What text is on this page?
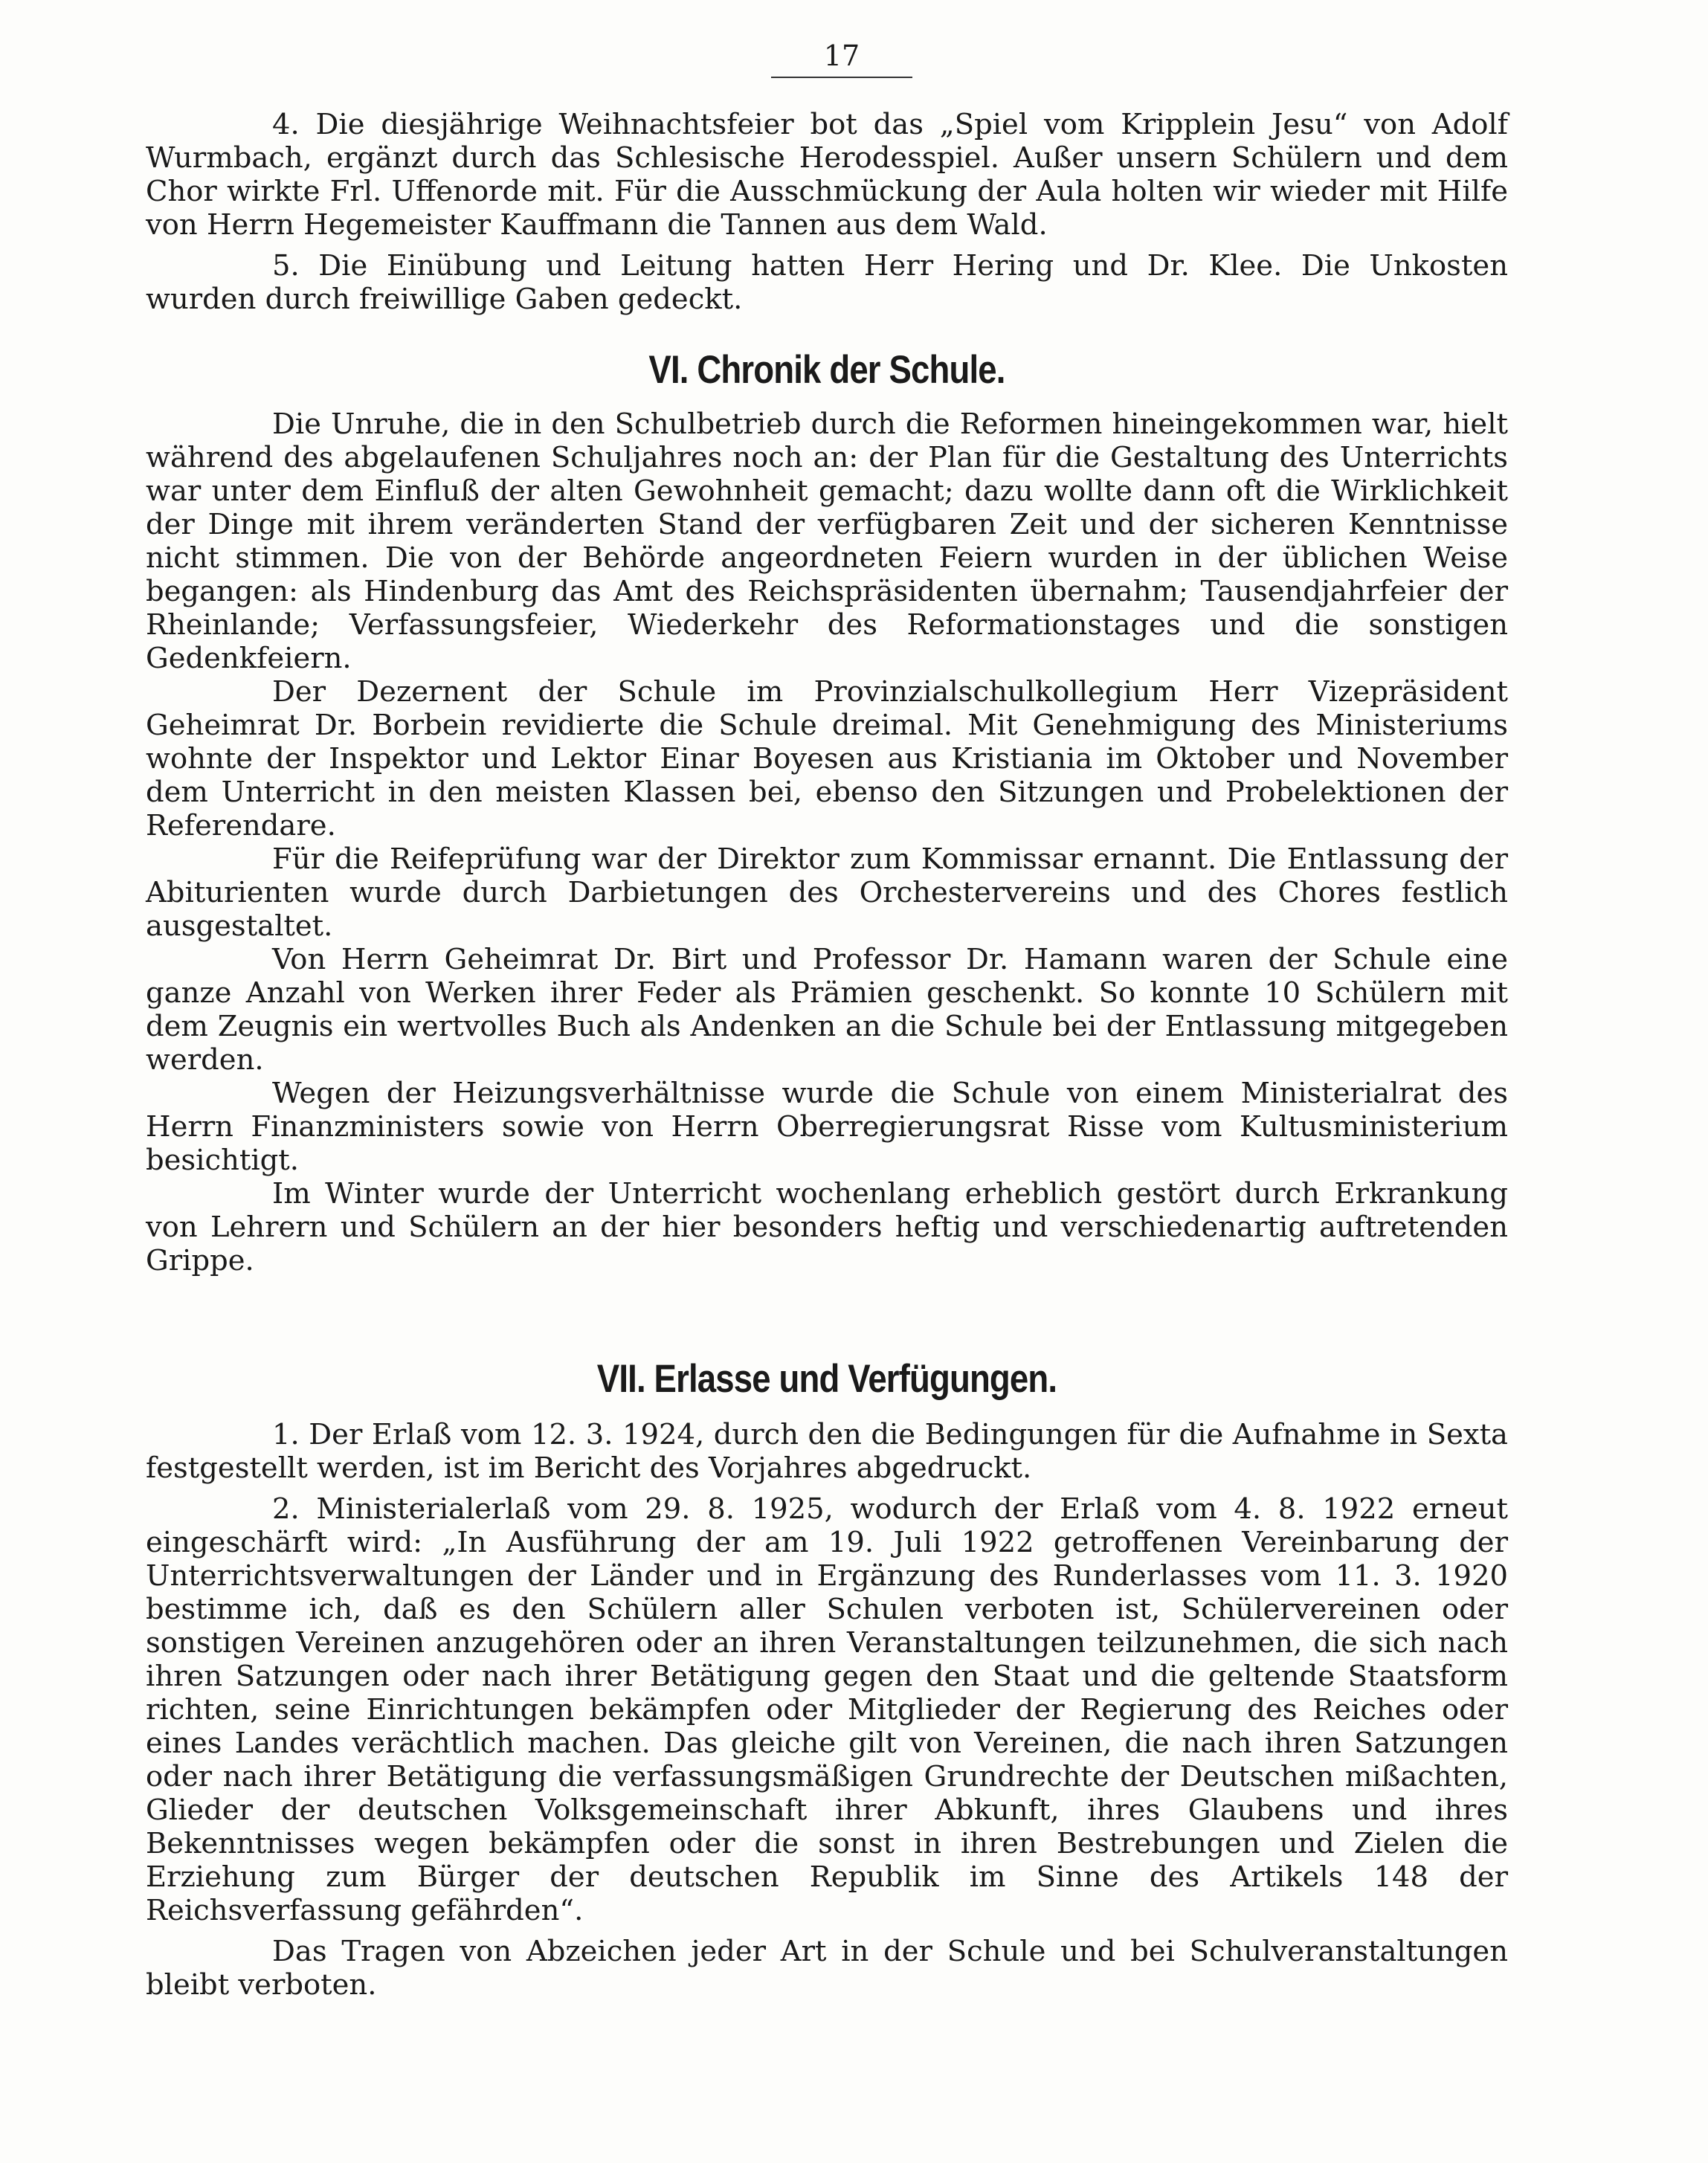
17

4. Die diesjährige Weihnachtsfeier bot das „Spiel vom Kripplein Jesu“ von Adolf Wurmbach, ergänzt durch das Schlesische Herodesspiel. Außer unsern Schülern und dem Chor wirkte Frl. Uffenorde mit. Für die Ausschmückung der Aula holten wir wieder mit Hilfe von Herrn Hegemeister Kauffmann die Tannen aus dem Wald.

5. Die Einübung und Leitung hatten Herr Hering und Dr. Klee. Die Unkosten wurden durch freiwillige Gaben gedeckt.

VI. Chronik der Schule.

Die Unruhe, die in den Schulbetrieb durch die Reformen hineingekommen war, hielt während des abgelaufenen Schuljahres noch an: der Plan für die Gestaltung des Unterrichts war unter dem Einfluß der alten Gewohnheit gemacht; dazu wollte dann oft die Wirklichkeit der Dinge mit ihrem veränderten Stand der verfügbaren Zeit und der sicheren Kenntnisse nicht stimmen. Die von der Behörde angeordneten Feiern wurden in der üblichen Weise begangen: als Hindenburg das Amt des Reichspräsidenten übernahm; Tausendjahrfeier der Rheinlande; Verfassungsfeier, Wiederkehr des Reformationstages und die sonstigen Gedenkfeiern.

Der Dezernent der Schule im Provinzialschulkollegium Herr Vizepräsident Geheimrat Dr. Borbein revidierte die Schule dreimal. Mit Genehmigung des Ministeriums wohnte der Inspektor und Lektor Einar Boyesen aus Kristiania im Oktober und November dem Unterricht in den meisten Klassen bei, ebenso den Sitzungen und Probelektionen der Referendare.

Für die Reifeprüfung war der Direktor zum Kommissar ernannt. Die Entlassung der Abiturienten wurde durch Darbietungen des Orchestervereins und des Chores festlich ausgestaltet.

Von Herrn Geheimrat Dr. Birt und Professor Dr. Hamann waren der Schule eine ganze Anzahl von Werken ihrer Feder als Prämien geschenkt. So konnte 10 Schülern mit dem Zeugnis ein wertvolles Buch als Andenken an die Schule bei der Entlassung mitgegeben werden.

Wegen der Heizungsverhältnisse wurde die Schule von einem Ministerialrat des Herrn Finanzministers sowie von Herrn Oberregierungsrat Risse vom Kultusministerium besichtigt.

Im Winter wurde der Unterricht wochenlang erheblich gestört durch Erkrankung von Lehrern und Schülern an der hier besonders heftig und verschiedenartig auftretenden Grippe.

VII. Erlasse und Verfügungen.

1. Der Erlaß vom 12. 3. 1924, durch den die Bedingungen für die Aufnahme in Sexta festgestellt werden, ist im Bericht des Vorjahres abgedruckt.

2. Ministerialerlaß vom 29. 8. 1925, wodurch der Erlaß vom 4. 8. 1922 erneut eingeschärft wird: „In Ausführung der am 19. Juli 1922 getroffenen Vereinbarung der Unterrichtsverwaltungen der Länder und in Ergänzung des Runderlasses vom 11. 3. 1920 bestimme ich, daß es den Schülern aller Schulen verboten ist, Schülervereinen oder sonstigen Vereinen anzugehören oder an ihren Veranstaltungen teilzunehmen, die sich nach ihren Satzungen oder nach ihrer Betätigung gegen den Staat und die geltende Staatsform richten, seine Einrichtungen bekämpfen oder Mitglieder der Regierung des Reiches oder eines Landes verächtlich machen. Das gleiche gilt von Vereinen, die nach ihren Satzungen oder nach ihrer Betätigung die verfassungsmäßigen Grundrechte der Deutschen mißachten, Glieder der deutschen Volksgemeinschaft ihrer Abkunft, ihres Glaubens und ihres Bekenntnisses wegen bekämpfen oder die sonst in ihren Bestrebungen und Zielen die Erziehung zum Bürger der deutschen Republik im Sinne des Artikels 148 der Reichsverfassung gefährden“.

Das Tragen von Abzeichen jeder Art in der Schule und bei Schulveranstaltungen bleibt verboten.
